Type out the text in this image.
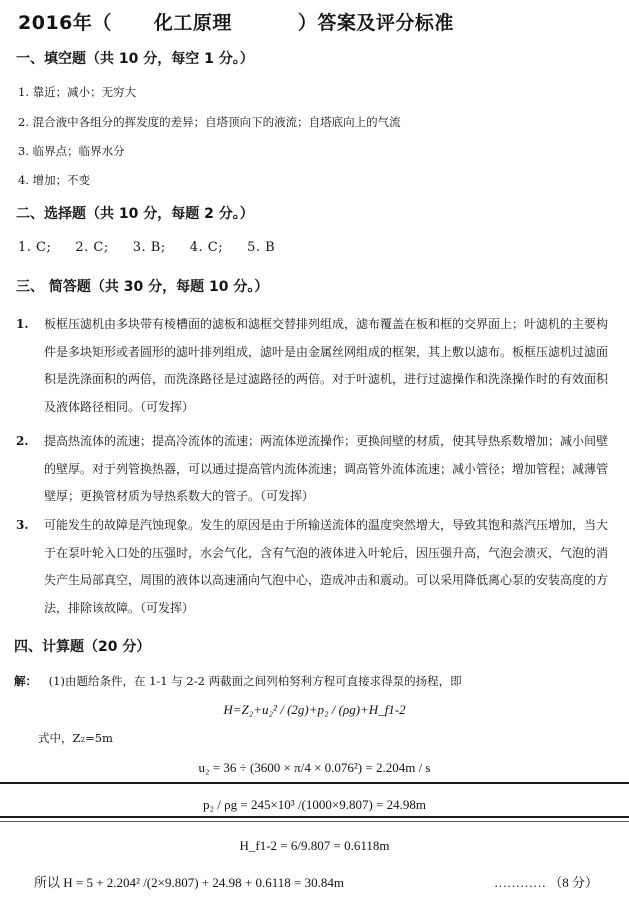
2016年（ 化工原理	）答案及评分标准
一、填空题（共 10 分，每空 1 分。）
1. 靠近；减小；无穷大
2. 混合液中各组分的挥发度的差异；自塔顶向下的液流；自塔底向上的气流
3. 临界点；临界水分
4. 增加；不变
二、选择题（共 10 分，每题 2 分。）
1. C; 2. C; 3. B; 4. C; 5. B
三、 简答题（共 30 分，每题 10 分。）
1. 板框压滤机由多块带有棱槽面的滤板和滤框交替排列组成，滤布覆盖在板和框的交界面上；叶滤机的主要构件是多块矩形或者圆形的滤叶排列组成，滤叶是由金属丝网组成的框架，其上敷以滤布。板框压滤机过滤面积是洗涤面积的两倍，而洗涤路径是过滤路径的两倍。对于叶滤机，进行过滤操作和洗涤操作时的有效面积及液体路径相同。（可发挥）
2. 提高热流体的流速；提高冷流体的流速；两流体逆流操作；更换间壁的材质，使其导热系数增加；减小间壁的壁厚。对于列管换热器，可以通过提高管内流体流速；调高管外流体流速；减小管径；增加管程；减薄管壁厚；更换管材质为导热系数大的管子。（可发挥）
3. 可能发生的故障是汽蚀现象。发生的原因是由于所输送流体的温度突然增大，导致其饱和蒸汽压增加，当大于在泵叶轮入口处的压强时，水会气化，含有气泡的液体进入叶轮后，因压强升高，气泡会溃灭，气泡的消失产生局部真空，周围的液体以高速涌向气泡中心，造成冲击和震动。可以采用降低离心泵的安装高度的方法，排除该故障。（可发挥）
四、计算题（20 分）
解： (1)由题给条件，在 1-1 与 2-2 两截面之间列柏努利方程可直接求得泵的扬程，即
H=Z₂+u₂² / (2g)+p₂ / (ρg)+H_f1-2
式中，Z₂=5m
u₂ = 36 ÷ (3600 × π/4 × 0.076²) = 2.204m / s
p₂ / ρg = 245×10³ /(1000×9.807) = 24.98m
H_f1-2 = 6/9.807 = 0.6118m
所以 H = 5 + 2.204² /(2×9.807) + 24.98 + 0.6118 = 30.84m	………… （8 分）
